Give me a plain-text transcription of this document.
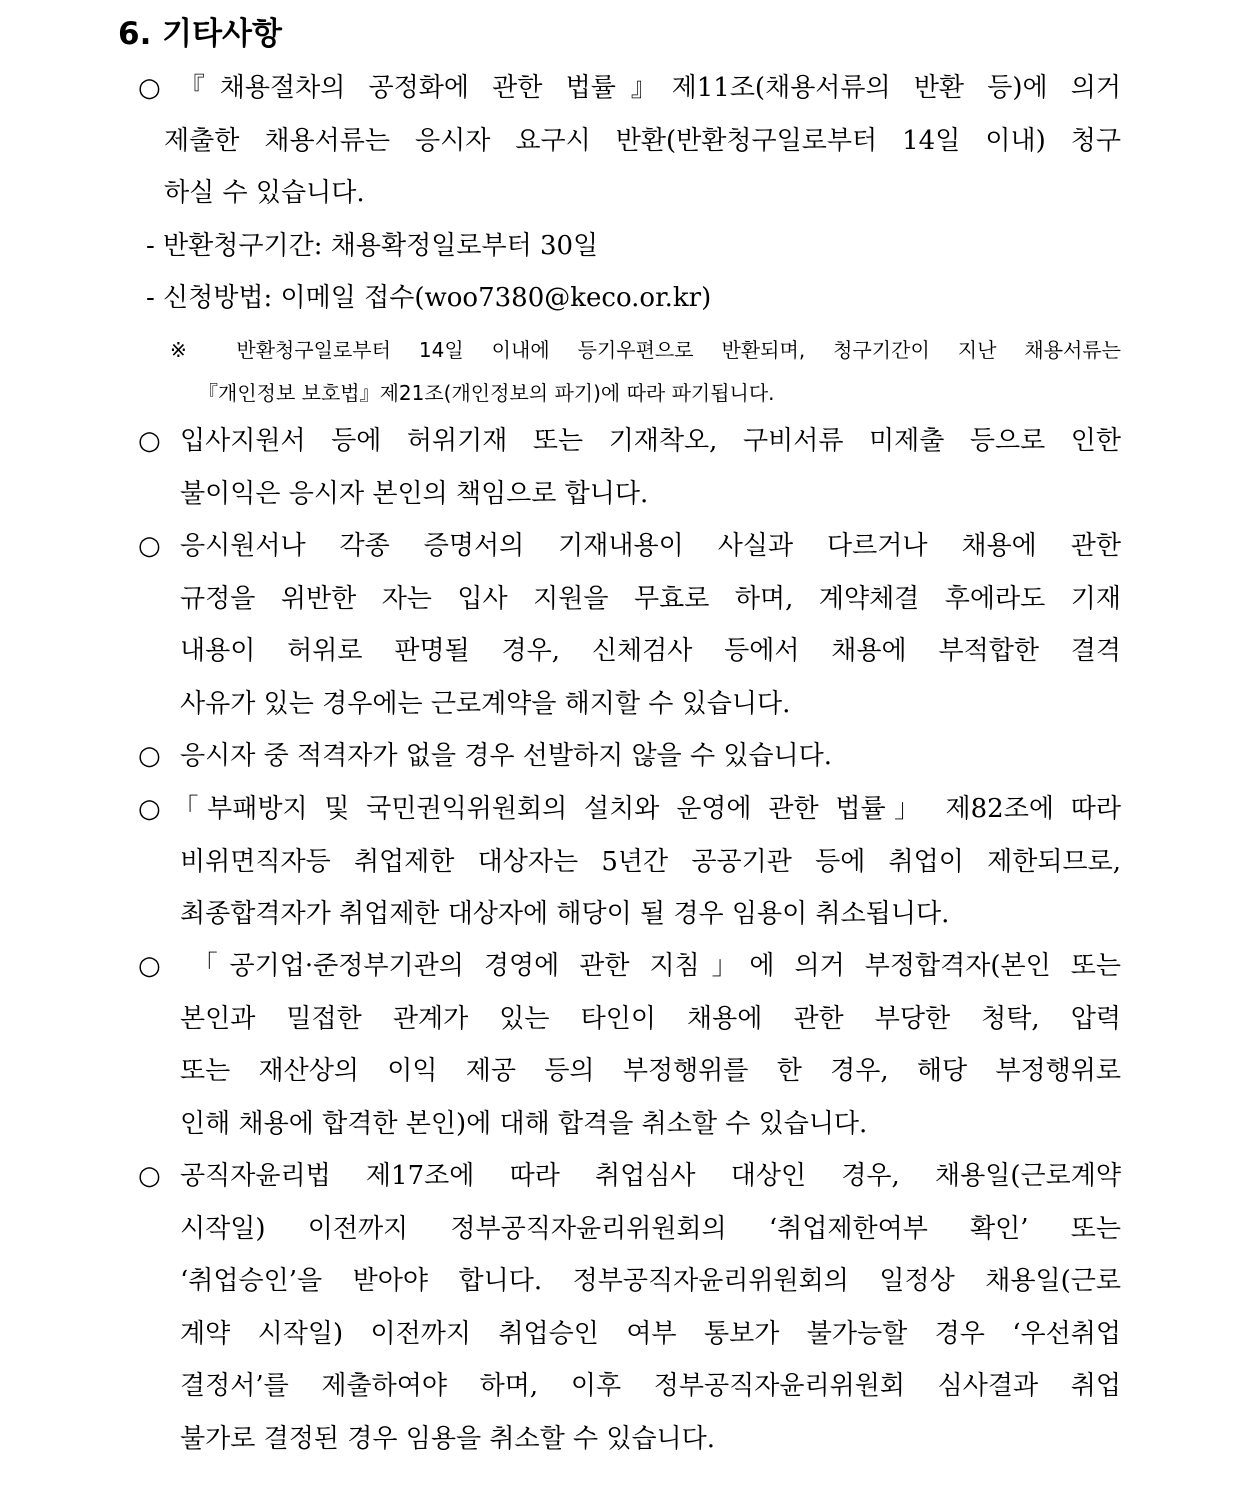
6. 기타사항
○ 『채용절차의 공정화에 관한 법률』제11조(채용서류의 반환 등)에 의거
제출한 채용서류는 응시자 요구시 반환(반환청구일로부터 14일 이내) 청구
하실 수 있습니다.
- 반환청구기간: 채용확정일로부터 30일
- 신청방법: 이메일 접수(woo7380@keco.or.kr)
※ 반환청구일로부터 14일 이내에 등기우편으로 반환되며, 청구기간이 지난 채용서류는
『개인정보 보호법』제21조(개인정보의 파기)에 따라 파기됩니다.
○ 입사지원서 등에 허위기재 또는 기재착오, 구비서류 미제출 등으로 인한
불이익은 응시자 본인의 책임으로 합니다.
○ 응시원서나 각종 증명서의 기재내용이 사실과 다르거나 채용에 관한
규정을 위반한 자는 입사 지원을 무효로 하며, 계약체결 후에라도 기재
내용이 허위로 판명될 경우, 신체검사 등에서 채용에 부적합한 결격
사유가 있는 경우에는 근로계약을 해지할 수 있습니다.
○ 응시자 중 적격자가 없을 경우 선발하지 않을 수 있습니다.
○ 「부패방지 및 국민권익위원회의 설치와 운영에 관한 법률」 제82조에 따라
비위면직자등 취업제한 대상자는 5년간 공공기관 등에 취업이 제한되므로,
최종합격자가 취업제한 대상자에 해당이 될 경우 임용이 취소됩니다.
○ 「공기업·준정부기관의 경영에 관한 지침」에 의거 부정합격자(본인 또는
본인과 밀접한 관계가 있는 타인이 채용에 관한 부당한 청탁, 압력
또는 재산상의 이익 제공 등의 부정행위를 한 경우, 해당 부정행위로
인해 채용에 합격한 본인)에 대해 합격을 취소할 수 있습니다.
○ 공직자윤리법 제17조에 따라 취업심사 대상인 경우, 채용일(근로계약
시작일) 이전까지 정부공직자윤리위원회의 ‘취업제한여부 확인’ 또는
‘취업승인’을 받아야 합니다. 정부공직자윤리위원회의 일정상 채용일(근로
계약 시작일) 이전까지 취업승인 여부 통보가 불가능할 경우 ‘우선취업
결정서’를 제출하여야 하며, 이후 정부공직자윤리위원회 심사결과 취업
불가로 결정된 경우 임용을 취소할 수 있습니다.
